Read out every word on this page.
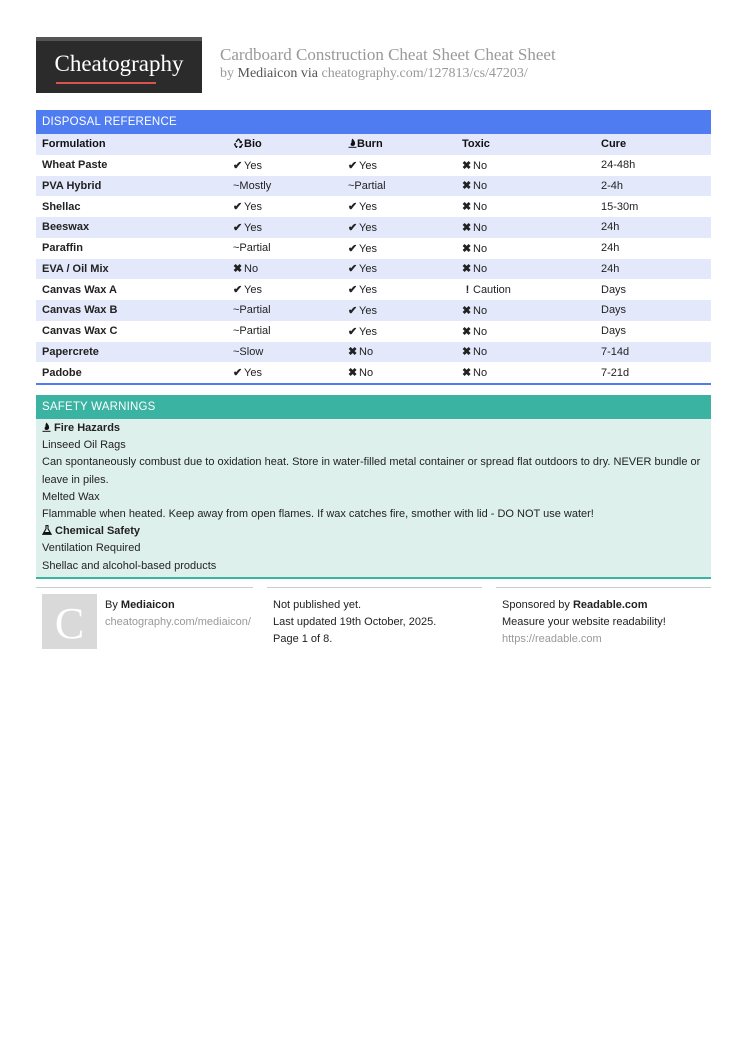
Cheatography	Cardboard Construction Cheat Sheet Cheat Sheet
by Mediaicon via cheatography.com/127813/cs/47203/
DISPOSAL REFERENCE
Formulation	Bio	Burn	Toxic	Cure
Wheat Paste	✔ Yes	✔ Yes	✖ No	24-48h
PVA Hybrid	~Mostly	~Partial	✖ No	2-4h
Shellac	✔ Yes	✔ Yes	✖ No	15-30m
Beeswax	✔ Yes	✔ Yes	✖ No	24h
Paraffin	~Partial	✔ Yes	✖ No	24h
EVA / Oil Mix	✖ No	✔ Yes	✖ No	24h
Canvas Wax A	✔ Yes	✔ Yes	! Caution	Days
Canvas Wax B	~Partial	✔ Yes	✖ No	Days
Canvas Wax C	~Partial	✔ Yes	✖ No	Days
Papercrete	~Slow	✖ No	✖ No	7-14d
Padobe	✔ Yes	✖ No	✖ No	7-21d
SAFETY WARNINGS
Fire Hazards
Linseed Oil Rags
Can spontaneously combust due to oxidation heat. Store in water-filled metal container or spread flat outdoors to dry. NEVER bundle or leave in piles.
Melted Wax
Flammable when heated. Keep away from open flames. If wax catches fire, smother with lid - DO NOT use water!
Chemical Safety
Ventilation Required
Shellac and alcohol-based products
By Mediaicon
cheatography.com/mediaicon/
C	Not published yet.
Last updated 19th October, 2025.
Page 1 of 8.
Sponsored by Readable.com
Measure your website readability!
https://readable.com
